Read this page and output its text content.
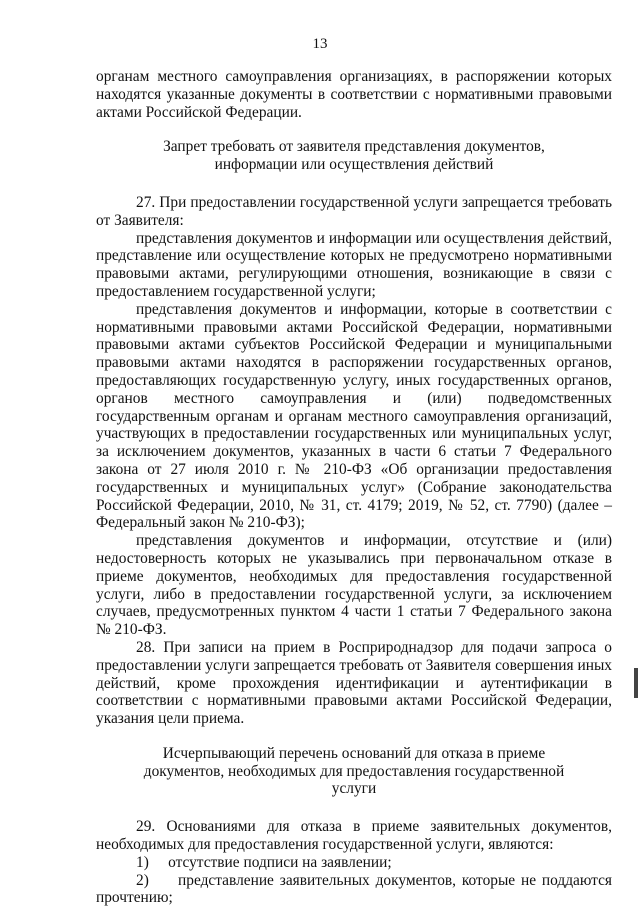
13

органам местного самоуправления организациях, в распоряжении которых находятся указанные документы в соответствии с нормативными правовыми актами Российской Федерации.

Запрет требовать от заявителя представления документов, информации или осуществления действий

27. При предоставлении государственной услуги запрещается требовать от Заявителя:

представления документов и информации или осуществления действий, представление или осуществление которых не предусмотрено нормативными правовыми актами, регулирующими отношения, возникающие в связи с предоставлением государственной услуги;

представления документов и информации, которые в соответствии с нормативными правовыми актами Российской Федерации, нормативными правовыми актами субъектов Российской Федерации и муниципальными правовыми актами находятся в распоряжении государственных органов, предоставляющих государственную услугу, иных государственных органов, органов местного самоуправления и (или) подведомственных государственным органам и органам местного самоуправления организаций, участвующих в предоставлении государственных или муниципальных услуг, за исключением документов, указанных в части 6 статьи 7 Федерального закона от 27 июля 2010 г. № 210-ФЗ «Об организации предоставления государственных и муниципальных услуг» (Собрание законодательства Российской Федерации, 2010, № 31, ст. 4179; 2019, № 52, ст. 7790) (далее – Федеральный закон № 210-ФЗ);

представления документов и информации, отсутствие и (или) недостоверность которых не указывались при первоначальном отказе в приеме документов, необходимых для предоставления государственной услуги, либо в предоставлении государственной услуги, за исключением случаев, предусмотренных пунктом 4 части 1 статьи 7 Федерального закона № 210-ФЗ.

28. При записи на прием в Росприроднадзор для подачи запроса о предоставлении услуги запрещается требовать от Заявителя совершения иных действий, кроме прохождения идентификации и аутентификации в соответствии с нормативными правовыми актами Российской Федерации, указания цели приема.

Исчерпывающий перечень оснований для отказа в приеме документов, необходимых для предоставления государственной услуги

29. Основаниями для отказа в приеме заявительных документов, необходимых для предоставления государственной услуги, являются:

1) отсутствие подписи на заявлении;

2) представление заявительных документов, которые не поддаются прочтению;
